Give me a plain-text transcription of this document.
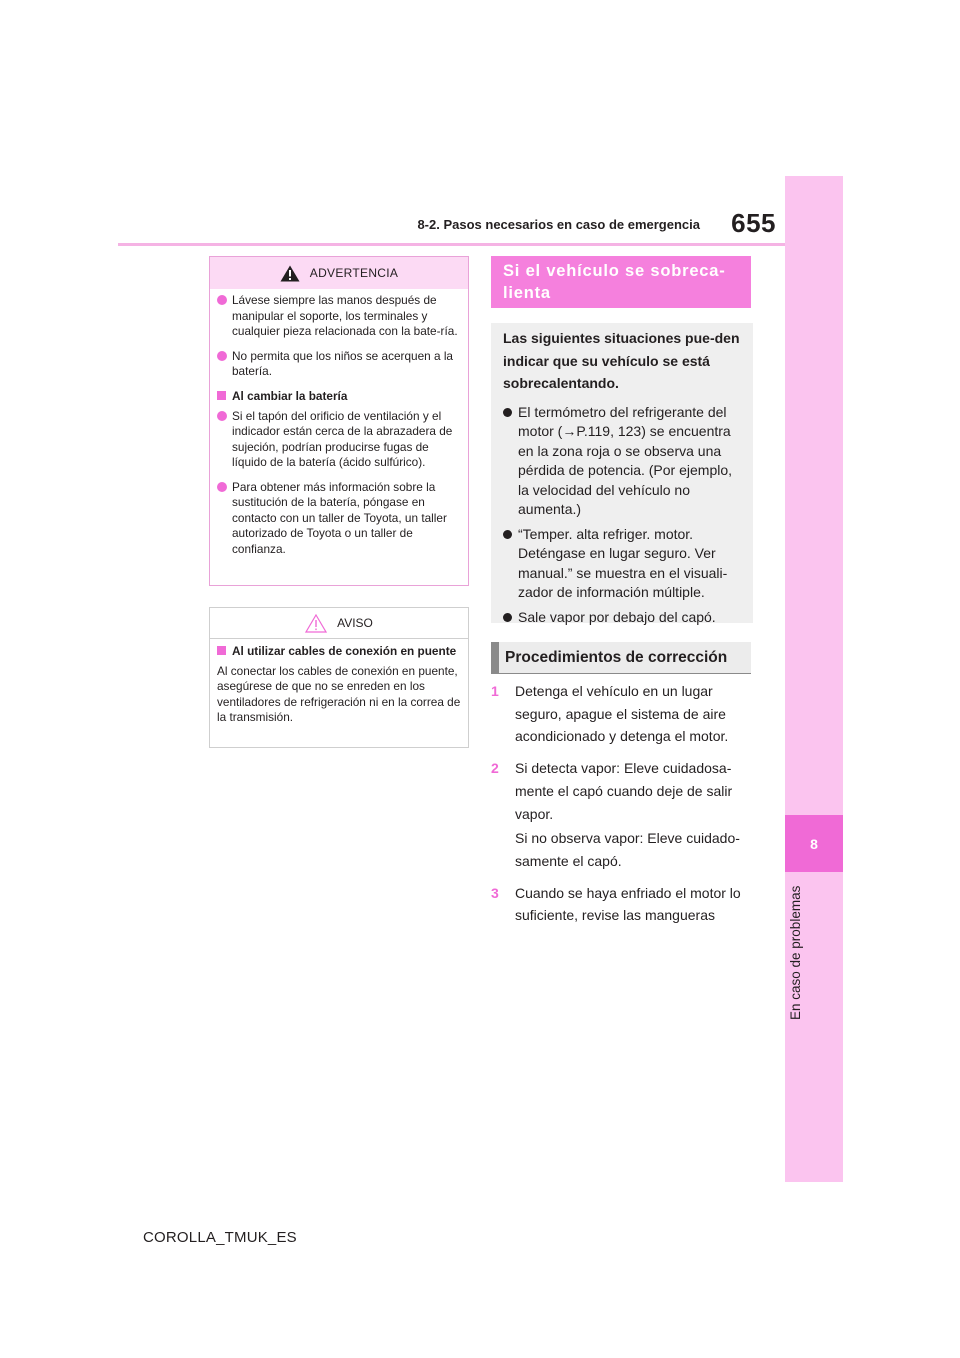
8-2. Pasos necesarios en caso de emergencia	655
8
En caso de problemas
ADVERTENCIA
Lávese siempre las manos después de manipular el soporte, los terminales y cualquier pieza relacionada con la bate-ría.
No permita que los niños se acerquen a la batería.
Al cambiar la batería
Si el tapón del orificio de ventilación y el indicador están cerca de la abrazadera de sujeción, podrían producirse fugas de líquido de la batería (ácido sulfúrico).
Para obtener más información sobre la sustitución de la batería, póngase en contacto con un taller de Toyota, un taller autorizado de Toyota o un taller de confianza.
AVISO
Al utilizar cables de conexión en puente
Al conectar los cables de conexión en puente, asegúrese de que no se enreden en los ventiladores de refrigeración ni en la correa de la transmisión.
Si el vehículo se sobreca-lienta
Las siguientes situaciones pue-den indicar que su vehículo se está sobrecalentando.
El termómetro del refrigerante del motor (→P.119, 123) se encuentra en la zona roja o se observa una pérdida de potencia. (Por ejemplo, la velocidad del vehículo no aumenta.)
“Temper. alta refriger. motor. Deténgase en lugar seguro. Ver manual.” se muestra en el visuali-zador de información múltiple.
Sale vapor por debajo del capó.
Procedimientos de corrección
1 Detenga el vehículo en un lugar seguro, apague el sistema de aire acondicionado y detenga el motor.
2 Si detecta vapor: Eleve cuidadosa-mente el capó cuando deje de salir vapor.
Si no observa vapor: Eleve cuidado-samente el capó.
3 Cuando se haya enfriado el motor lo suficiente, revise las mangueras
COROLLA_TMUK_ES
